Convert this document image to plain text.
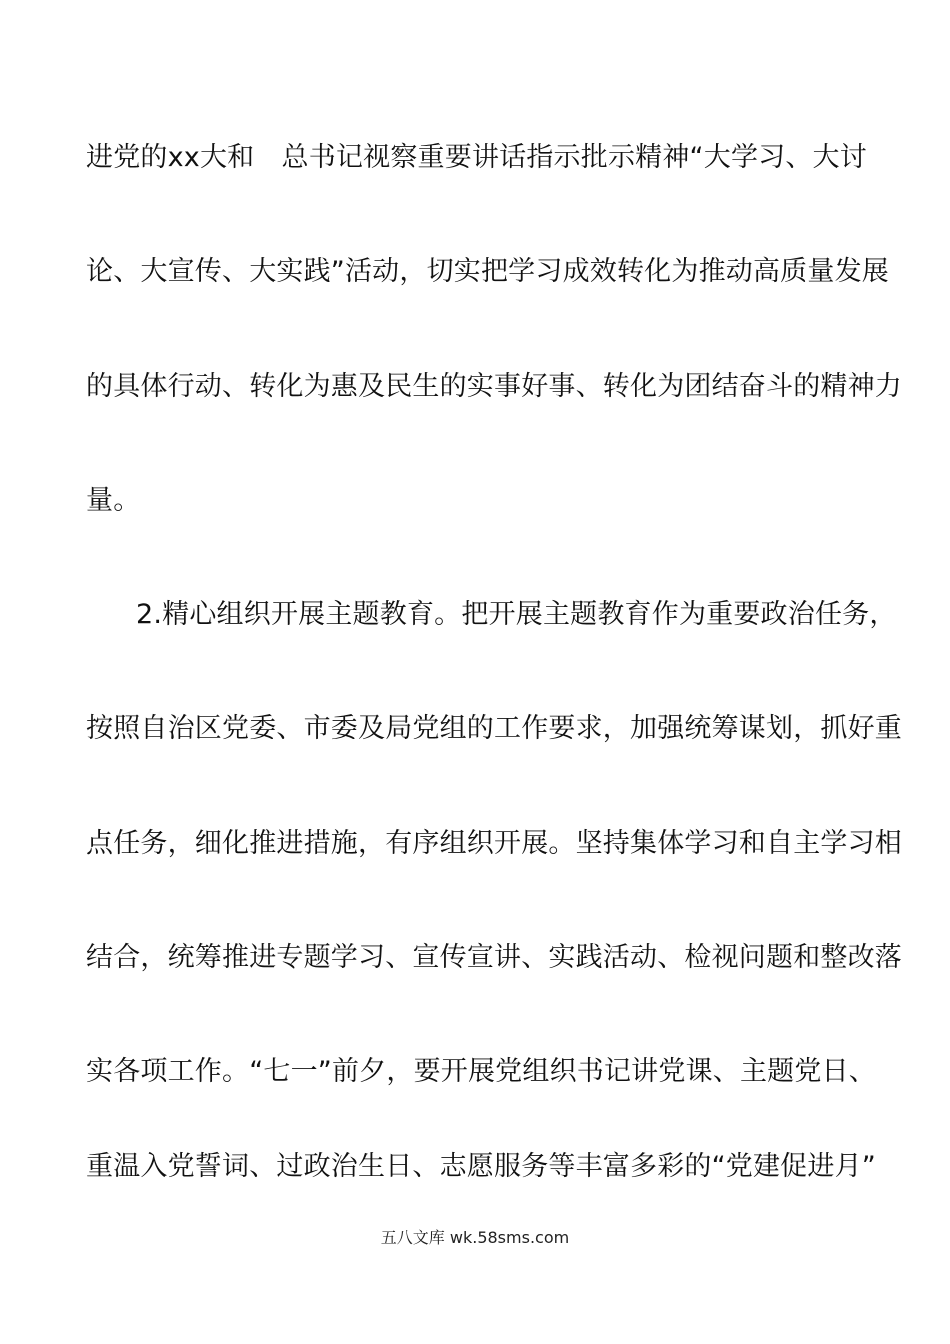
进党的xx大和　总书记视察重要讲话指示批示精神“大学习、大讨
论、大宣传、大实践”活动，切实把学习成效转化为推动高质量发展
的具体行动、转化为惠及民生的实事好事、转化为团结奋斗的精神力
量。
2.精心组织开展主题教育。把开展主题教育作为重要政治任务，
按照自治区党委、市委及局党组的工作要求，加强统筹谋划，抓好重
点任务，细化推进措施，有序组织开展。坚持集体学习和自主学习相
结合，统筹推进专题学习、宣传宣讲、实践活动、检视问题和整改落
实各项工作。“七一”前夕，要开展党组织书记讲党课、主题党日、
重温入党誓词、过政治生日、志愿服务等丰富多彩的“党建促进月”
五八文库 wk.58sms.com
